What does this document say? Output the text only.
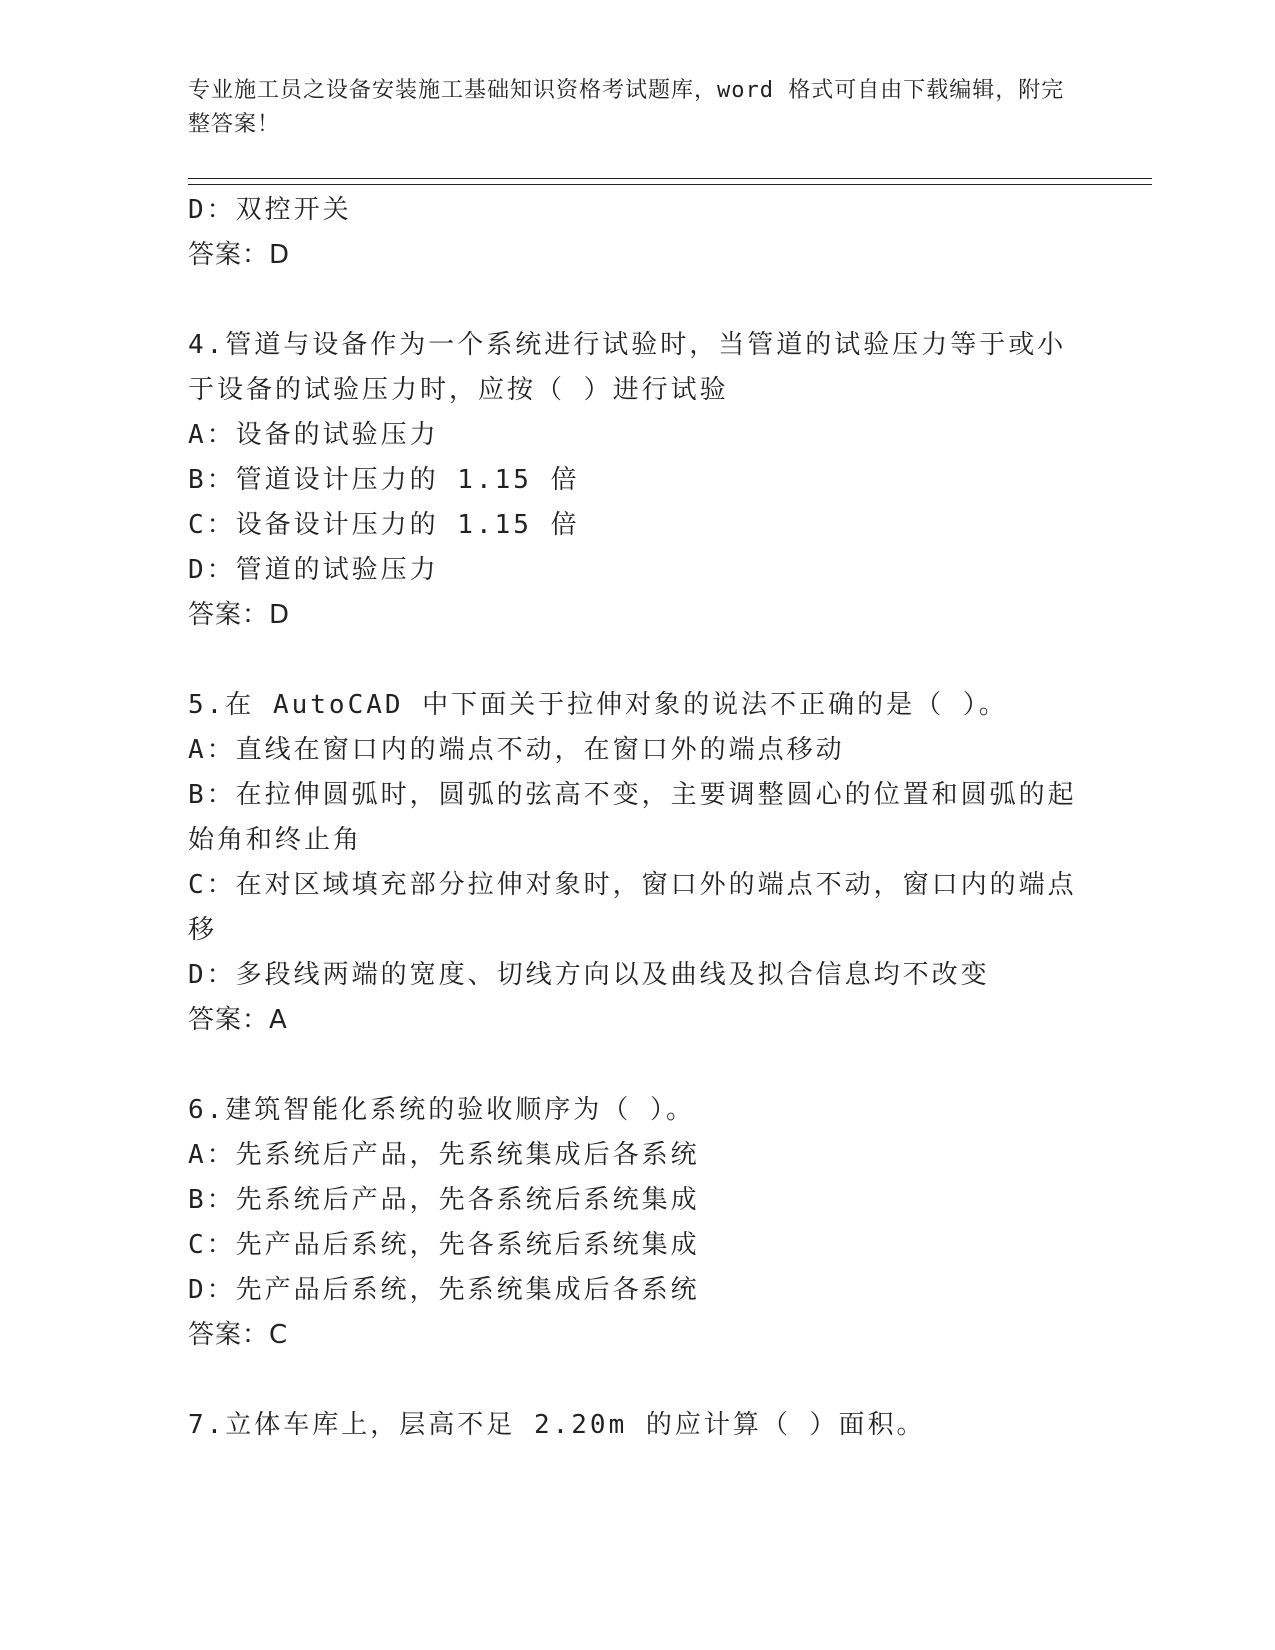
专业施工员之设备安装施工基础知识资格考试题库，word 格式可自由下载编辑，附完整答案！
D：双控开关
答案：D
4.管道与设备作为一个系统进行试验时，当管道的试验压力等于或小于设备的试验压力时，应按（ ）进行试验
A：设备的试验压力
B：管道设计压力的 1.15 倍
C：设备设计压力的 1.15 倍
D：管道的试验压力
答案：D
5.在 AutoCAD 中下面关于拉伸对象的说法不正确的是（ ）。
A：直线在窗口内的端点不动，在窗口外的端点移动
B：在拉伸圆弧时，圆弧的弦高不变，主要调整圆心的位置和圆弧的起始角和终止角
C：在对区域填充部分拉伸对象时，窗口外的端点不动，窗口内的端点移
D：多段线两端的宽度、切线方向以及曲线及拟合信息均不改变
答案：A
6.建筑智能化系统的验收顺序为（ ）。
A：先系统后产品，先系统集成后各系统
B：先系统后产品，先各系统后系统集成
C：先产品后系统，先各系统后系统集成
D：先产品后系统，先系统集成后各系统
答案：C
7.立体车库上，层高不足 2.20m 的应计算（ ）面积。
